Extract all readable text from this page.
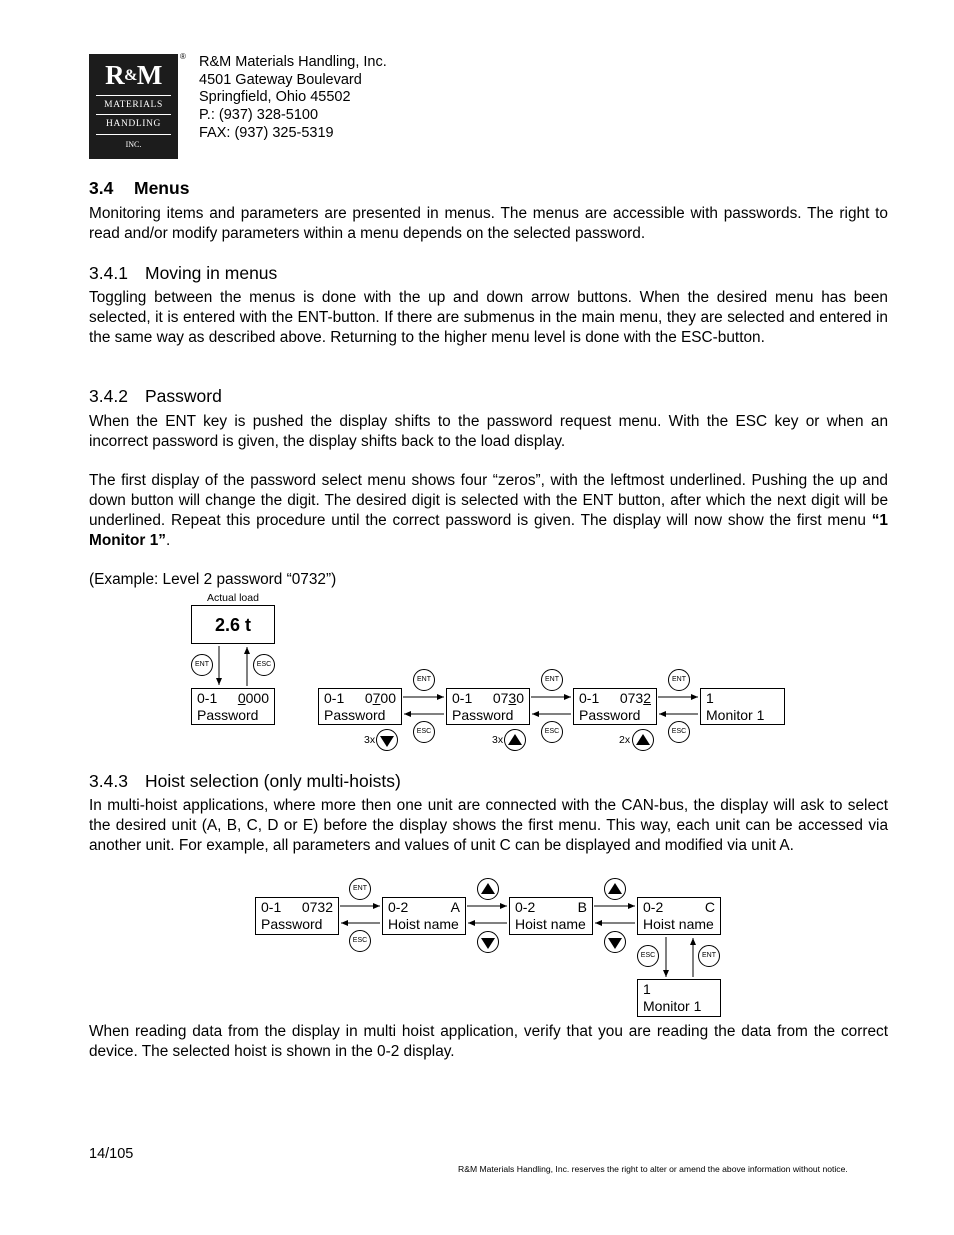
R&M
MATERIALS
HANDLING
INC.
® R&M Materials Handling, Inc.
4501 Gateway Boulevard
Springfield, Ohio 45502
P.: (937) 328-5100
FAX: (937) 325-5319
3.4 Menus

Monitoring items and parameters are presented in menus. The menus are accessible with passwords. The right to read and/or modify parameters within a menu depends on the selected password.

3.4.1 Moving in menus

Toggling between the menus is done with the up and down arrow buttons. When the desired menu has been selected, it is entered with the ENT-button. If there are submenus in the main menu, they are selected and entered in the same way as described above. Returning to the higher menu level is done with the ESC-button.

3.4.2 Password

When the ENT key is pushed the display shifts to the password request menu. With the ESC key or when an incorrect password is given, the display shifts back to the load display.

The first display of the password select menu shows four “zeros”, with the leftmost underlined. Pushing the up and down button will change the digit. The desired digit is selected with the ENT button, after which the next digit will be underlined. Repeat this procedure until the correct password is given. The display will now show the first menu “1 Monitor 1”.

(Example: Level 2 password “0732”)

Actual load
2.6 t
0-1 0000
Password
0-1 0700
Password
0-1 0730
Password
0-1 0732
Password
1
Monitor 1
ENT	ESC
ENT
ESC
ENT
ESC
ENT
ESC
3x	3x	2x
3.4.3 Hoist selection (only multi-hoists)

In multi-hoist applications, where more then one unit are connected with the CAN-bus, the display will ask to select the desired unit (A, B, C, D or E) before the display shows the first menu. This way, each unit can be accessed via another unit. For example, all parameters and values of unit C can be displayed and modified via unit A.

0-1 0732
Password
0-2	A
Hoist name
0-2	B
Hoist name
0-2	C
Hoist name
1
Monitor 1
ENT
ESC
ESC	ENT

When reading data from the display in multi hoist application, verify that you are reading the data from the correct device. The selected hoist is shown in the 0-2 display.

14/105
R&M Materials Handling, Inc. reserves the right to alter or amend the above information without notice.
